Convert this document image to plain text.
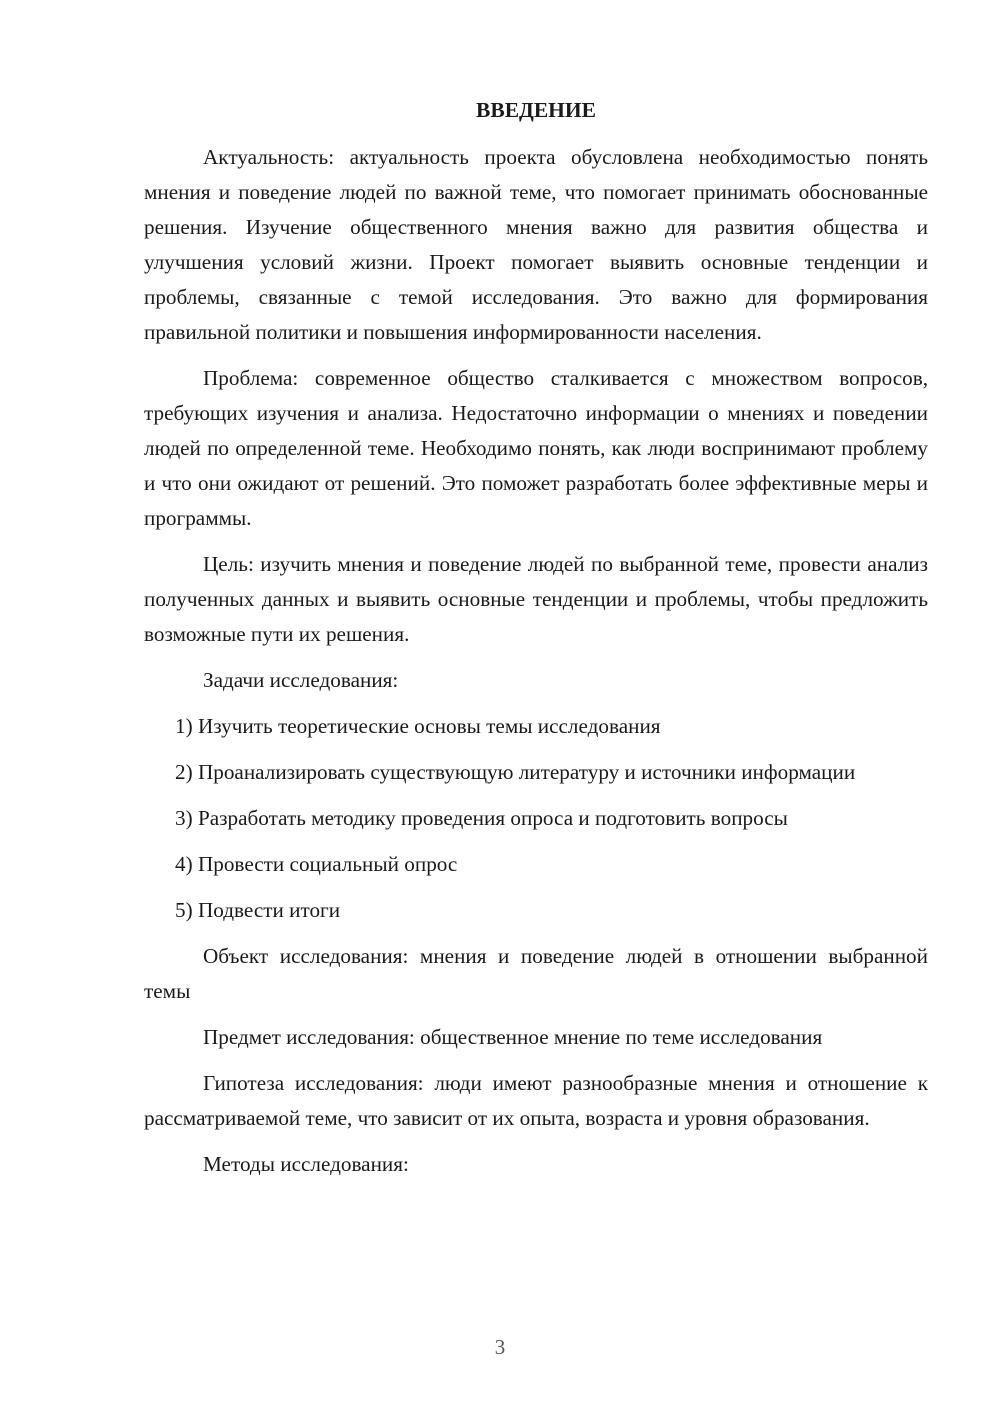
ВВЕДЕНИЕ

Актуальность: актуальность проекта обусловлена необходимостью понять мнения и поведение людей по важной теме, что помогает принимать обоснованные решения. Изучение общественного мнения важно для развития общества и улучшения условий жизни. Проект помогает выявить основные тенденции и проблемы, связанные с темой исследования. Это важно для формирования правильной политики и повышения информированности населения.

Проблема: современное общество сталкивается с множеством вопросов, требующих изучения и анализа. Недостаточно информации о мнениях и поведении людей по определенной теме. Необходимо понять, как люди воспринимают проблему и что они ожидают от решений. Это поможет разработать более эффективные меры и программы.

Цель: изучить мнения и поведение людей по выбранной теме, провести анализ полученных данных и выявить основные тенденции и проблемы, чтобы предложить возможные пути их решения.

Задачи исследования:

1) Изучить теоретические основы темы исследования

2) Проанализировать существующую литературу и источники информации

3) Разработать методику проведения опроса и подготовить вопросы

4) Провести социальный опрос

5) Подвести итоги

Объект исследования: мнения и поведение людей в отношении выбранной темы

Предмет исследования: общественное мнение по теме исследования

Гипотеза исследования: люди имеют разнообразные мнения и отношение к рассматриваемой теме, что зависит от их опыта, возраста и уровня образования.

Методы исследования:

3
